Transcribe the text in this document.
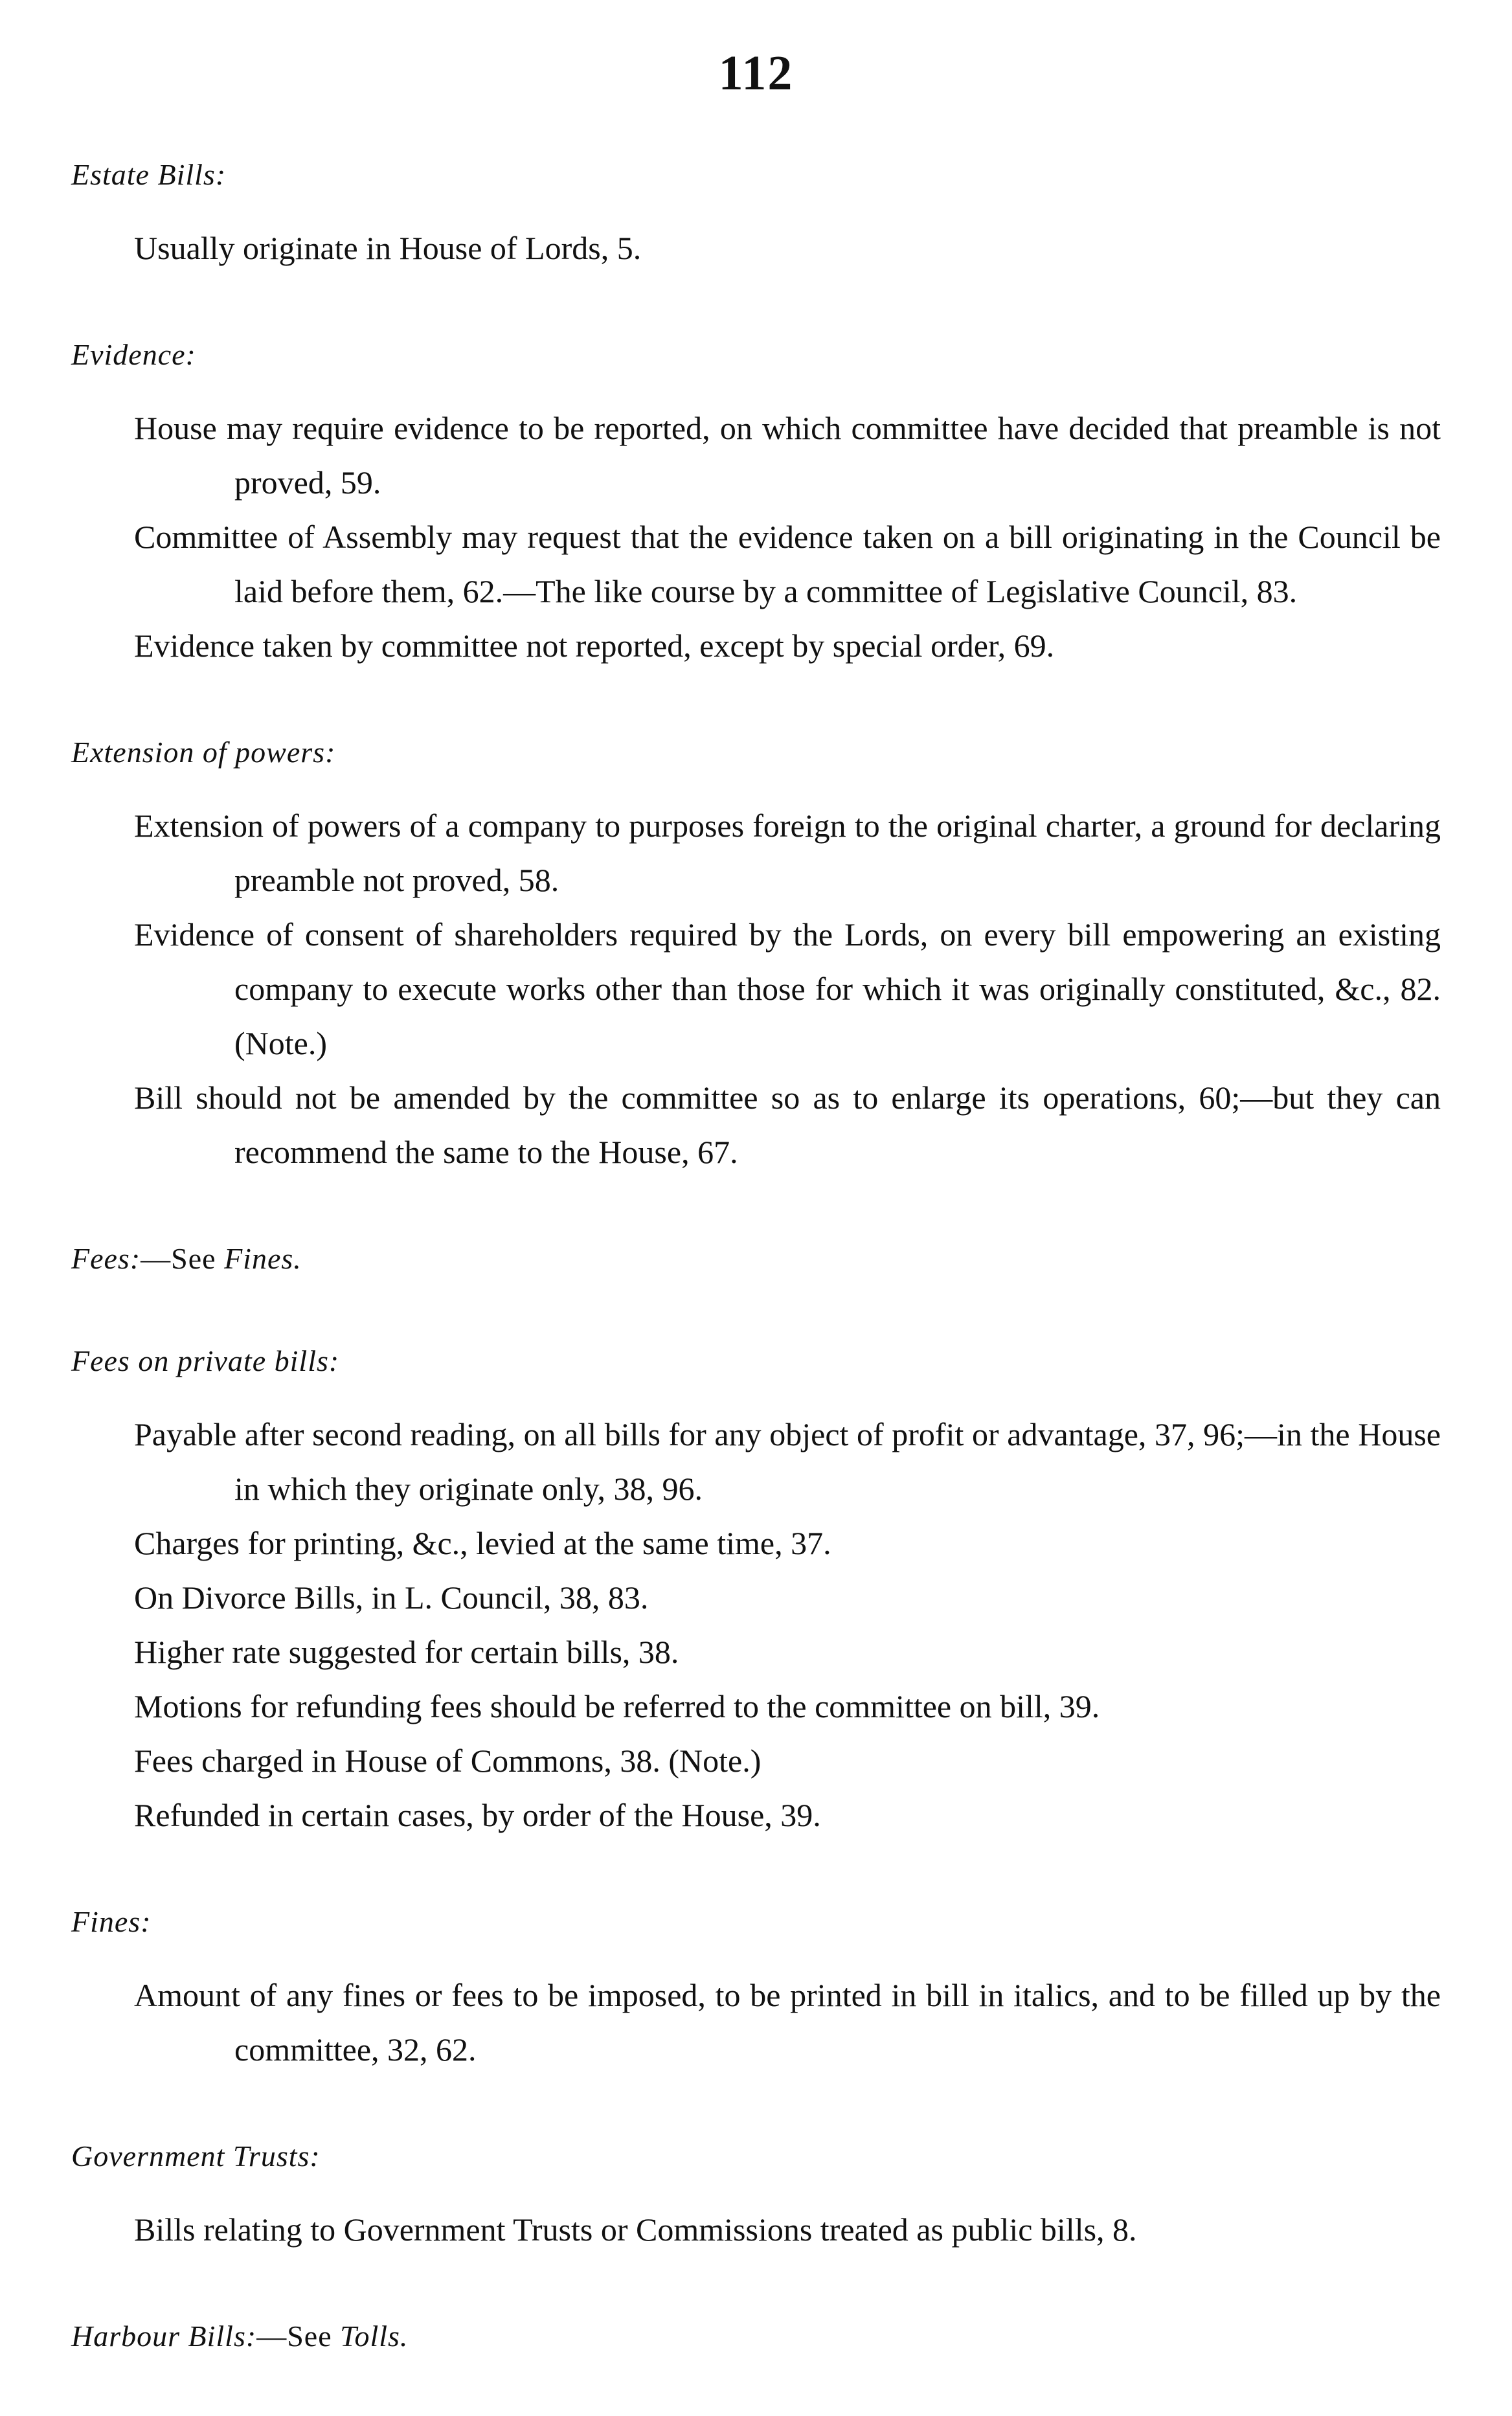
112
Estate Bills:
Usually originate in House of Lords, 5.
Evidence:
House may require evidence to be reported, on which committee have decided that preamble is not proved, 59.
Committee of Assembly may request that the evidence taken on a bill originating in the Council be laid before them, 62.—The like course by a committee of Legislative Council, 83.
Evidence taken by committee not reported, except by special order, 69.
Extension of powers:
Extension of powers of a company to purposes foreign to the original charter, a ground for declaring preamble not proved, 58.
Evidence of consent of shareholders required by the Lords, on every bill empowering an existing company to execute works other than those for which it was originally constituted, &c., 82. (Note.)
Bill should not be amended by the committee so as to enlarge its operations, 60;—but they can recommend the same to the House, 67.
Fees:—See Fines.
Fees on private bills:
Payable after second reading, on all bills for any object of profit or advantage, 37, 96;—in the House in which they originate only, 38, 96.
Charges for printing, &c., levied at the same time, 37.
On Divorce Bills, in L. Council, 38, 83.
Higher rate suggested for certain bills, 38.
Motions for refunding fees should be referred to the committee on bill, 39.
Fees charged in House of Commons, 38. (Note.)
Refunded in certain cases, by order of the House, 39.
Fines:
Amount of any fines or fees to be imposed, to be printed in bill in italics, and to be filled up by the committee, 32, 62.
Government Trusts:
Bills relating to Government Trusts or Commissions treated as public bills, 8.
Harbour Bills:—See Tolls.
